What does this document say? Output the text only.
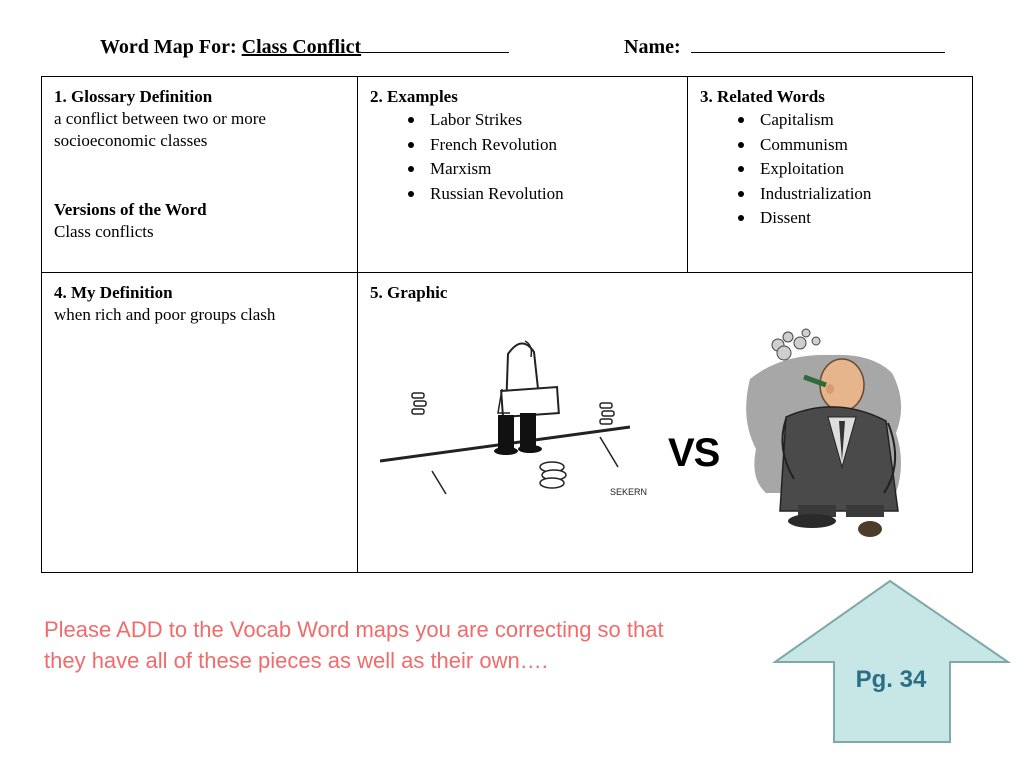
Word Map For: Class Conflict	Name:
1. Glossary Definition
a conflict between two or more
socioeconomic classes
Versions of the Word
Class conflicts
2. Examples
Labor Strikes
French Revolution
Marxism
Russian Revolution
3. Related Words
Capitalism
Communism
Exploitation
Industrialization
Dissent
4. My Definition
when rich and poor groups clash
5. Graphic
SEKERN
VS
Please ADD to the Vocab Word maps you are correcting so that
they have all of these pieces as well as their own….
Pg. 34
